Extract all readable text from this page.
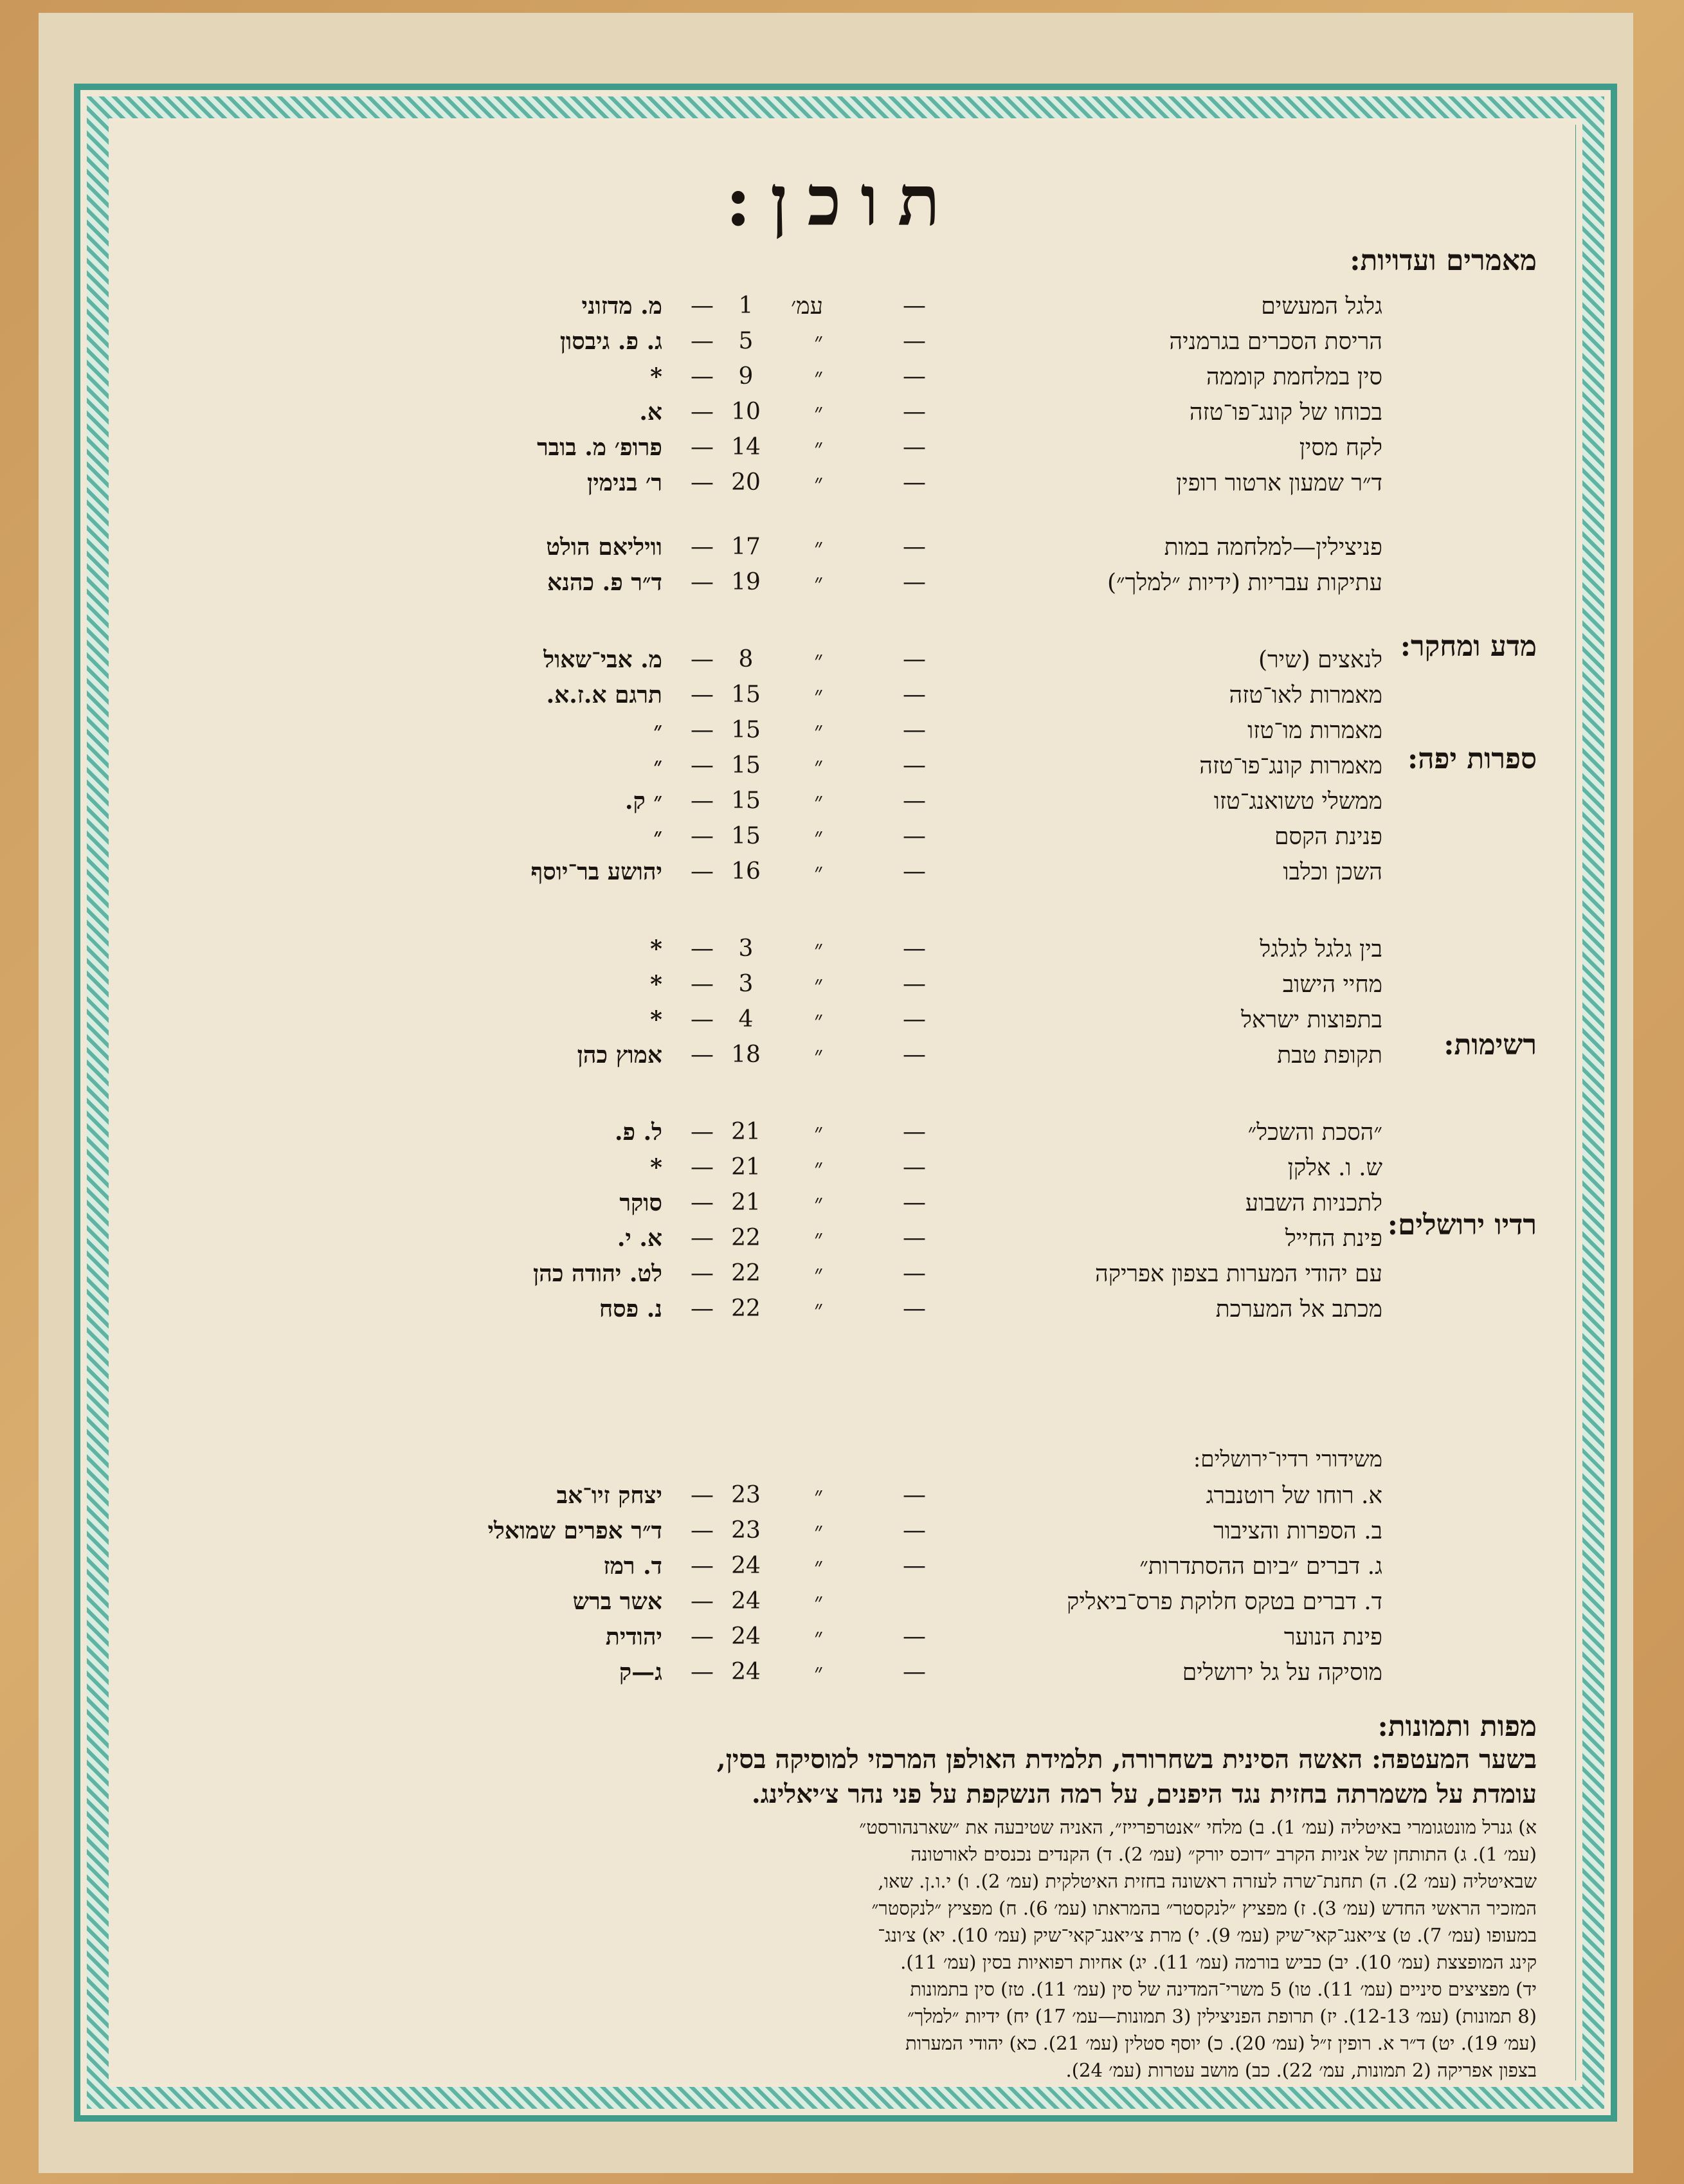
תוכן:
מאמרים ועדויות:
מדע ומחקר:
ספרות יפה:
רשימות:
רדיו ירושלים:
מפות ותמונות:
משידורי רדיו־ירושלים:
גלגל המעשים
—
עמ׳
1
—
מ. מדזוני
הריסת הסכרים בגרמניה
—
״
5
—
ג. פ. גיבסון
סין במלחמת קוממה
—
״
9
—
*
בכוחו של קונג־פו־טזה
—
״
10
—
א.
לקח מסין
—
״
14
—
פרופ׳ מ. בובר
ד״ר שמעון ארטור רופין
—
״
20
—
ר׳ בנימין
פניצילין—למלחמה במות
—
״
17
—
וויליאם הולט
עתיקות עבריות (ידיות ״למלך״)
—
״
19
—
ד״ר פ. כהנא
לנאצים (שיר)
—
״
8
—
מ. אבי־שאול
מאמרות לאו־טזה
—
״
15
—
תרגם א.ז.א.
מאמרות מו־טזו
—
״
15
—
״
מאמרות קונג־פו־טזה
—
״
15
—
״
ממשלי טשואנג־טזו
—
״
15
—
״ ק.
פנינת הקסם
—
״
15
—
״
השכן וכלבו
—
״
16
—
יהושע בר־יוסף
בין גלגל לגלגל
—
״
3
—
*
מחיי הישוב
—
״
3
—
*
בתפוצות ישראל
—
״
4
—
*
תקופת טבת
—
״
18
—
אמוץ כהן
״הסכת והשכל״
—
״
21
—
ל. פ.
ש. ו. אלקן
—
״
21
—
*
לתכניות השבוע
—
״
21
—
סוקר
פינת החייל
—
״
22
—
א. י.
עם יהודי המערות בצפון אפריקה
—
״
22
—
לט. יהודה כהן
מכתב אל המערכת
—
״
22
—
נ. פסח
א. רוחו של רוטנברג
—
״
23
—
יצחק זיו־אב
ב. הספרות והציבור
—
״
23
—
ד״ר אפרים שמואלי
ג. דברים ״ביום ההסתדרות״
—
״
24
—
ד. רמז
ד. דברים בטקס חלוקת פרס־ביאליק
״
24
—
אשר ברש
פינת הנוער
—
״
24
—
יהודית
מוסיקה על גל ירושלים
—
״
24
—
ג—ק
בשער המעטפה: האשה הסינית בשחרורה, תלמידת האולפן המרכזי למוסיקה בסין,
עומדת על משמרתה בחזית נגד היפנים, על רמה הנשקפת על פני נהר צ׳יאלינג.
א) גנרל מונטגומרי באיטליה (עמ׳ 1). ב) מלחי ״אנטרפרייז״, האניה שטיבעה את ״שארנהורסט״
(עמ׳ 1). ג) התותחן של אניות הקרב ״דוכס יורק״ (עמ׳ 2). ד) הקנדים נכנסים לאורטונה
שבאיטליה (עמ׳ 2). ה) תחנת־שרה לעזרה ראשונה בחזית האיטלקית (עמ׳ 2). ו) י.ו.ן. שאו,
המזכיר הראשי החדש (עמ׳ 3). ז) מפציץ ״לנקסטר״ בהמראתו (עמ׳ 6). ח) מפציץ ״לנקסטר״
במעופו (עמ׳ 7). ט) צ׳יאנג־קאי־שיק (עמ׳ 9). י) מרת צ׳יאנג־קאי־שיק (עמ׳ 10). יא) צ׳ונג־
קינג המופצצת (עמ׳ 10). יב) כביש בורמה (עמ׳ 11). יג) אחיות רפואיות בסין (עמ׳ 11).
יד) מפציצים סיניים (עמ׳ 11). טו) 5 משרי־המדינה של סין (עמ׳ 11). טז) סין בתמונות
(8 תמונות) (עמ׳ 12-13). יז) תרופת הפניצילין (3 תמונות—עמ׳ 17) יח) ידיות ״למלך״
(עמ׳ 19). יט) ד״ר א. רופין ז״ל (עמ׳ 20). כ) יוסף סטלין (עמ׳ 21). כא) יהודי המערות
בצפון אפריקה (2 תמונות, עמ׳ 22). כב) מושב עטרות (עמ׳ 24).
